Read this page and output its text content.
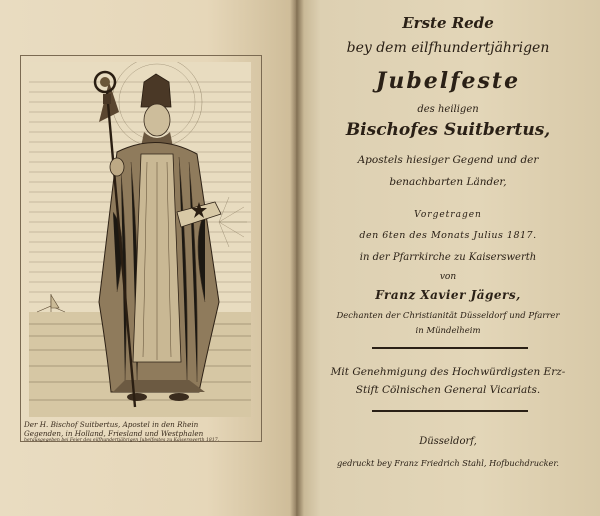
Der H. Bischof Suitbertus, Apostel in den Rhein
Gegenden, in Holland, Friesland und Westphalen
herausgegeben bei Feier des eilfhundertjährigen Jubelfestes zu Kaiserswerth 1817.
Erste Rede
bey dem eilfhundertjährigen
Jubelfeste
des heiligen
Bischofes Suitbertus,
Apostels hiesiger Gegend und der
benachbarten Länder,
Vorgetragen
den 6ten des Monats Julius 1817.
in der Pfarrkirche zu Kaiserswerth
von
Franz Xavier Jägers,
Dechanten der Christianität Düsseldorf und Pfarrer
in Mündelheim
Mit Genehmigung des Hochwürdigsten Erz-
Stift Cölnischen General Vicariats.
Düsseldorf,
gedruckt bey Franz Friedrich Stahl, Hofbuchdrucker.
